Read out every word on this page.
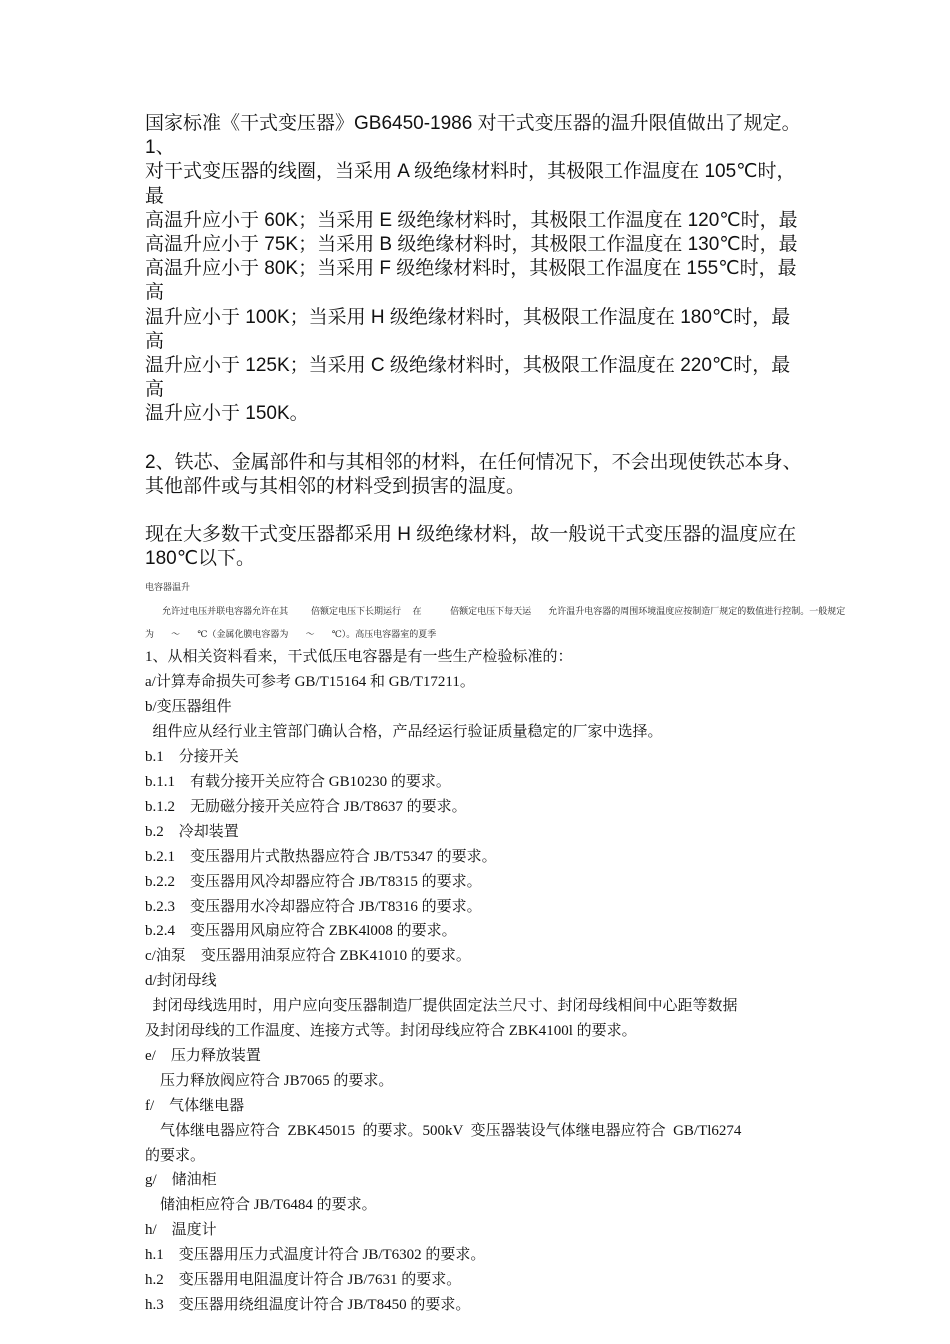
国家标准《干式变压器》GB6450-1986 对干式变压器的温升限值做出了规定。1、

对干式变压器的线圈，当采用 A 级绝缘材料时，其极限工作温度在 105℃时，最

高温升应小于 60K；当采用 E 级绝缘材料时，其极限工作温度在 120℃时，最

高温升应小于 75K；当采用 B 级绝缘材料时，其极限工作温度在 130℃时，最

高温升应小于 80K；当采用 F 级绝缘材料时，其极限工作温度在 155℃时，最高

温升应小于 100K；当采用 H 级绝缘材料时，其极限工作温度在 180℃时，最高

温升应小于 125K；当采用 C 级绝缘材料时，其极限工作温度在 220℃时，最高

温升应小于 150K。

2、铁芯、金属部件和与其相邻的材料，在任何情况下，不会出现使铁芯本身、

其他部件或与其相邻的材料受到损害的温度。

现在大多数干式变压器都采用 H 级绝缘材料，故一般说干式变压器的温度应在

180℃以下。

电容器温升

允许过电压并联电容器允许在其        倍额定电压下长期运行    在          倍额定电压下每天运      允许温升电容器的周围环境温度应按制造厂规定的数值进行控制。一般规定

为      ～      ℃（金属化膜电容器为      ～      ℃）。高压电容器室的夏季

1、从相关资料看来，干式低压电容器是有一些生产检验标准的：

a/计算寿命损失可参考 GB/T15164 和 GB/T17211。

b/变压器组件

组件应从经行业主管部门确认合格，产品经运行验证质量稳定的厂家中选择。

b.1    分接开关

b.1.1    有载分接开关应符合 GB10230 的要求。

b.1.2    无励磁分接开关应符合 JB/T8637 的要求。

b.2    冷却装置

b.2.1    变压器用片式散热器应符合 JB/T5347 的要求。

b.2.2    变压器用风冷却器应符合 JB/T8315 的要求。

b.2.3    变压器用水冷却器应符合 JB/T8316 的要求。

b.2.4    变压器用风扇应符合 ZBK4l008 的要求。

c/油泵    变压器用油泵应符合 ZBK41010 的要求。

d/封闭母线

封闭母线选用时，用户应向变压器制造厂提供固定法兰尺寸、封闭母线相间中心距等数据

及封闭母线的工作温度、连接方式等。封闭母线应符合 ZBK4100l 的要求。

e/    压力释放装置

压力释放阀应符合 JB7065 的要求。

f/    气体继电器

气体继电器应符合  ZBK45015  的要求。500kV  变压器装设气体继电器应符合  GB/Tl6274

的要求。

g/    储油柜

储油柜应符合 JB/T6484 的要求。

h/    温度计

h.1    变压器用压力式温度计符合 JB/T6302 的要求。

h.2    变压器用电阻温度计符合 JB/7631 的要求。

h.3    变压器用绕组温度计符合 JB/T8450 的要求。
